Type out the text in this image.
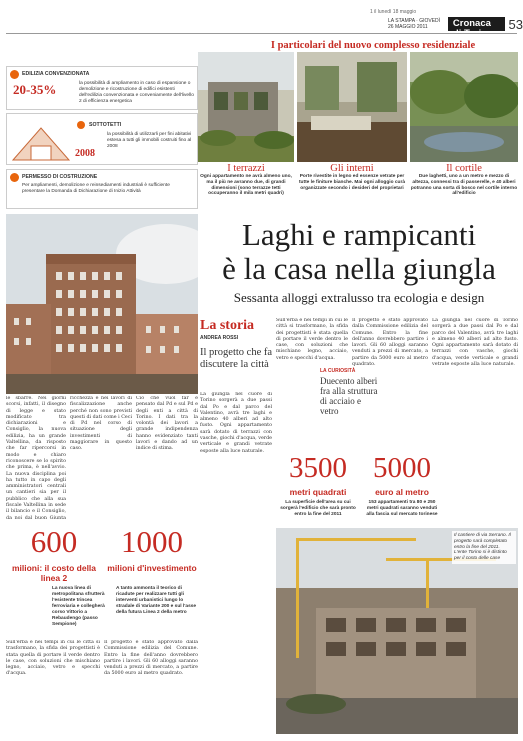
1 il lunedì 18 maggio
LA STAMPA · GIOVEDÌ 26 MAGGIO 2011	Cronaca	53
EDILIZIA CONVENZIONATA
20-35%	la possibilità di ampliamento in caso di espansione o demolizione e ricostruzione di edifici esistenti dell'edilizia convenzionata e conveniamente dell'livello 2 di efficienza energetica
SOTTOTETTI
2008
la possibilità di utilizzarli per fini abitativi estesa a tutti gli immobili costruiti fino al 2008
PERMESSO DI COSTRUZIONE
Per ampliamenti, demolizione e reinsediamenti industriali è sufficiente presentare la Domanda di Dichiarazione di Inizio Attività
I particolari del nuovo complesso residenziale
I terrazzi
Ogni appartamento ne avrà almeno uno, ma il più ne avranno due, di grandi dimensioni (sono terrazze tetti occuperanno il mila metri quadri)
Gli interni
Porte rivestite in legno ed essenze vetrate per tutte le finiture bianche. Mai ogni alloggio curà organizzate secondo i desideri del proprietari
Il cortile
Due laghetti, uno a un metro e mezzo di altezza, connessi tra di passerelle, e 40 alberi potranno una sorta di bosco nel cortile interno all'edificio
Laghi e rampicanti
è la casa nella giungla
Sessanta alloggi extralusso tra ecologia e design
le sbarre. Nei giorni scorsi, infatti, il disegno di legge e stato modificato tra dichiarazioni e Consiglio, la nuova edilizia, ha un grande Valtellina, da risposto che far ripercorsi in modo e chiaro riconoscere se lo spirito che prima, è nell'avvio. La nuova disciplina poi ha tutto in capo degli amministratori centrali un cantieri sia per il pubblico che alla sua fiscale Valtellina in sede il bilancio e il Consiglio, da noi dal buon Giunta
ricchezza e nei lavori di fiscalizzazione anche perché non sono previsti questi di dati come i Ceci di Pd nel corso di situazione degli investimenti di maggiorare in questo caso.
Ciò che vuol far e pensato dal Pd e sul Pd e degli enti a città di Torino. I dati tra la volontà dei lavori a grande indipendenza hanno evidenziato tanti lavori e dando ad un indice di stima.
600
milioni: il costo della linea 2
La nuova linea di metropolitana sfrutterà l'esistente trincea ferroviaria e collegherà corso Vittorio a Rebaudengo (passo Sempione)
1000
milioni d'investimento
A tanto ammonta il teorico di ricadute per realizzare tutti gli interventi urbanistici lungo lo stradale di Variante 200 e sul l'asse della futura Linea 2 della metro
Sull'erba e nei tempi in cui le città si trasformano, la sfida dei progettisti è stata quella di portare il verde dentro le case, con soluzioni che mischiano legno, acciaio, vetro e specchi d'acqua.
Il progetto è stato approvato dalla Commissione edilizia del Comune. Entro la fine dell'anno dovrebbero partire i lavori. Gli 60 alloggi saranno venduti a prezzi di mercato, a partire da 5000 euro al metro quadrato.
La storia
ANDREA ROSSI
Il progetto che fa discutere la città
La giungla nel cuore di Torino sorgerà a due passi dal Po e dal parco del Valentino, avrà tre laghi e almeno 40 alberi ad alto fusto. Ogni appartamento sarà dotato di terrazzi con vasche, giochi d'acqua, verde verticale e grandi vetrate esposte alla luce naturale.
Sull'erba e nei tempi in cui le città si trasformano, la sfida dei progettisti è stata quella di portare il verde dentro le case, con soluzioni che mischiano legno, acciaio, vetro e specchi d'acqua.
LA CURIOSITÀ
Duecento alberi fra alla struttura di acciaio e vetro
Il progetto è stato approvato dalla Commissione edilizia del Comune. Entro la fine dell'anno dovrebbero partire i lavori. Gli 60 alloggi saranno venduti a prezzi di mercato, a partire da 5000 euro al metro quadrato.
La giungla nel cuore di Torino sorgerà a due passi dal Po e dal parco del Valentino, avrà tre laghi e almeno 40 alberi ad alto fusto. Ogni appartamento sarà dotato di terrazzi con vasche, giochi d'acqua, verde verticale e grandi vetrate esposte alla luce naturale.
3500
metri quadrati
La superficie dell'area su cui sorgerà l'edificio che sarà pronto entro la fine del 2011
5000
euro al metro
153 appartamenti tra 80 e 250 metri quadrati saranno venduti alla fascia sul mercato torinese
Il cantiere di via Serrano. Il progetto sarà completato entro la fine del 2011. L'ente Torino si è distinto per il costo delle case
